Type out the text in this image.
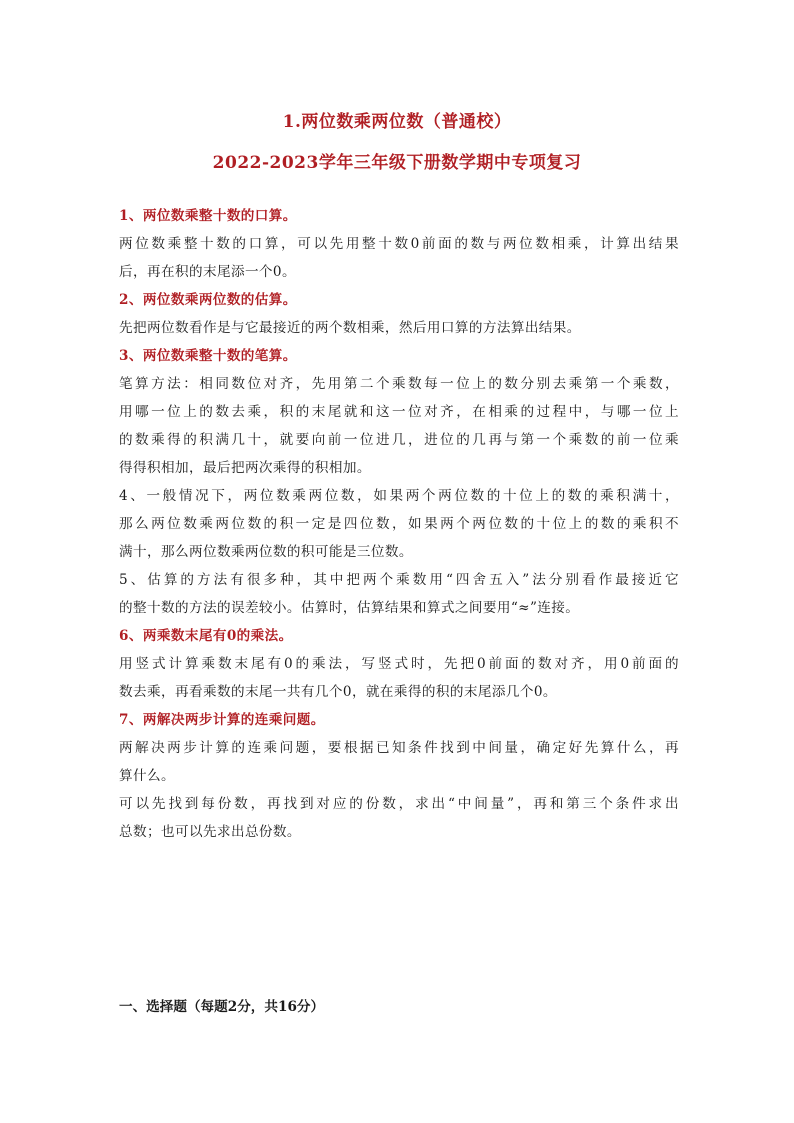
1.两位数乘两位数（普通校）
2022-2023学年三年级下册数学期中专项复习
1、两位数乘整十数的口算。
两位数乘整十数的口算，可以先用整十数0前面的数与两位数相乘，计算出结果
后，再在积的末尾添一个0。
2、两位数乘两位数的估算。
先把两位数看作是与它最接近的两个数相乘，然后用口算的方法算出结果。
3、两位数乘整十数的笔算。
笔算方法：相同数位对齐，先用第二个乘数每一位上的数分别去乘第一个乘数，
用哪一位上的数去乘，积的末尾就和这一位对齐，在相乘的过程中，与哪一位上
的数乘得的积满几十，就要向前一位进几，进位的几再与第一个乘数的前一位乘
得得积相加，最后把两次乘得的积相加。
4、一般情况下，两位数乘两位数，如果两个两位数的十位上的数的乘积满十，
那么两位数乘两位数的积一定是四位数，如果两个两位数的十位上的数的乘积不
满十，那么两位数乘两位数的积可能是三位数。
5、估算的方法有很多种，其中把两个乘数用“四舍五入”法分别看作最接近它
的整十数的方法的误差较小。估算时，估算结果和算式之间要用“≈”连接。
6、两乘数末尾有0的乘法。
用竖式计算乘数末尾有0的乘法，写竖式时，先把0前面的数对齐，用0前面的
数去乘，再看乘数的末尾一共有几个0，就在乘得的积的末尾添几个0。
7、两解决两步计算的连乘问题。
两解决两步计算的连乘问题，要根据已知条件找到中间量，确定好先算什么，再
算什么。
可以先找到每份数，再找到对应的份数，求出“中间量”，再和第三个条件求出
总数；也可以先求出总份数。
一、选择题（每题2分，共16分）
